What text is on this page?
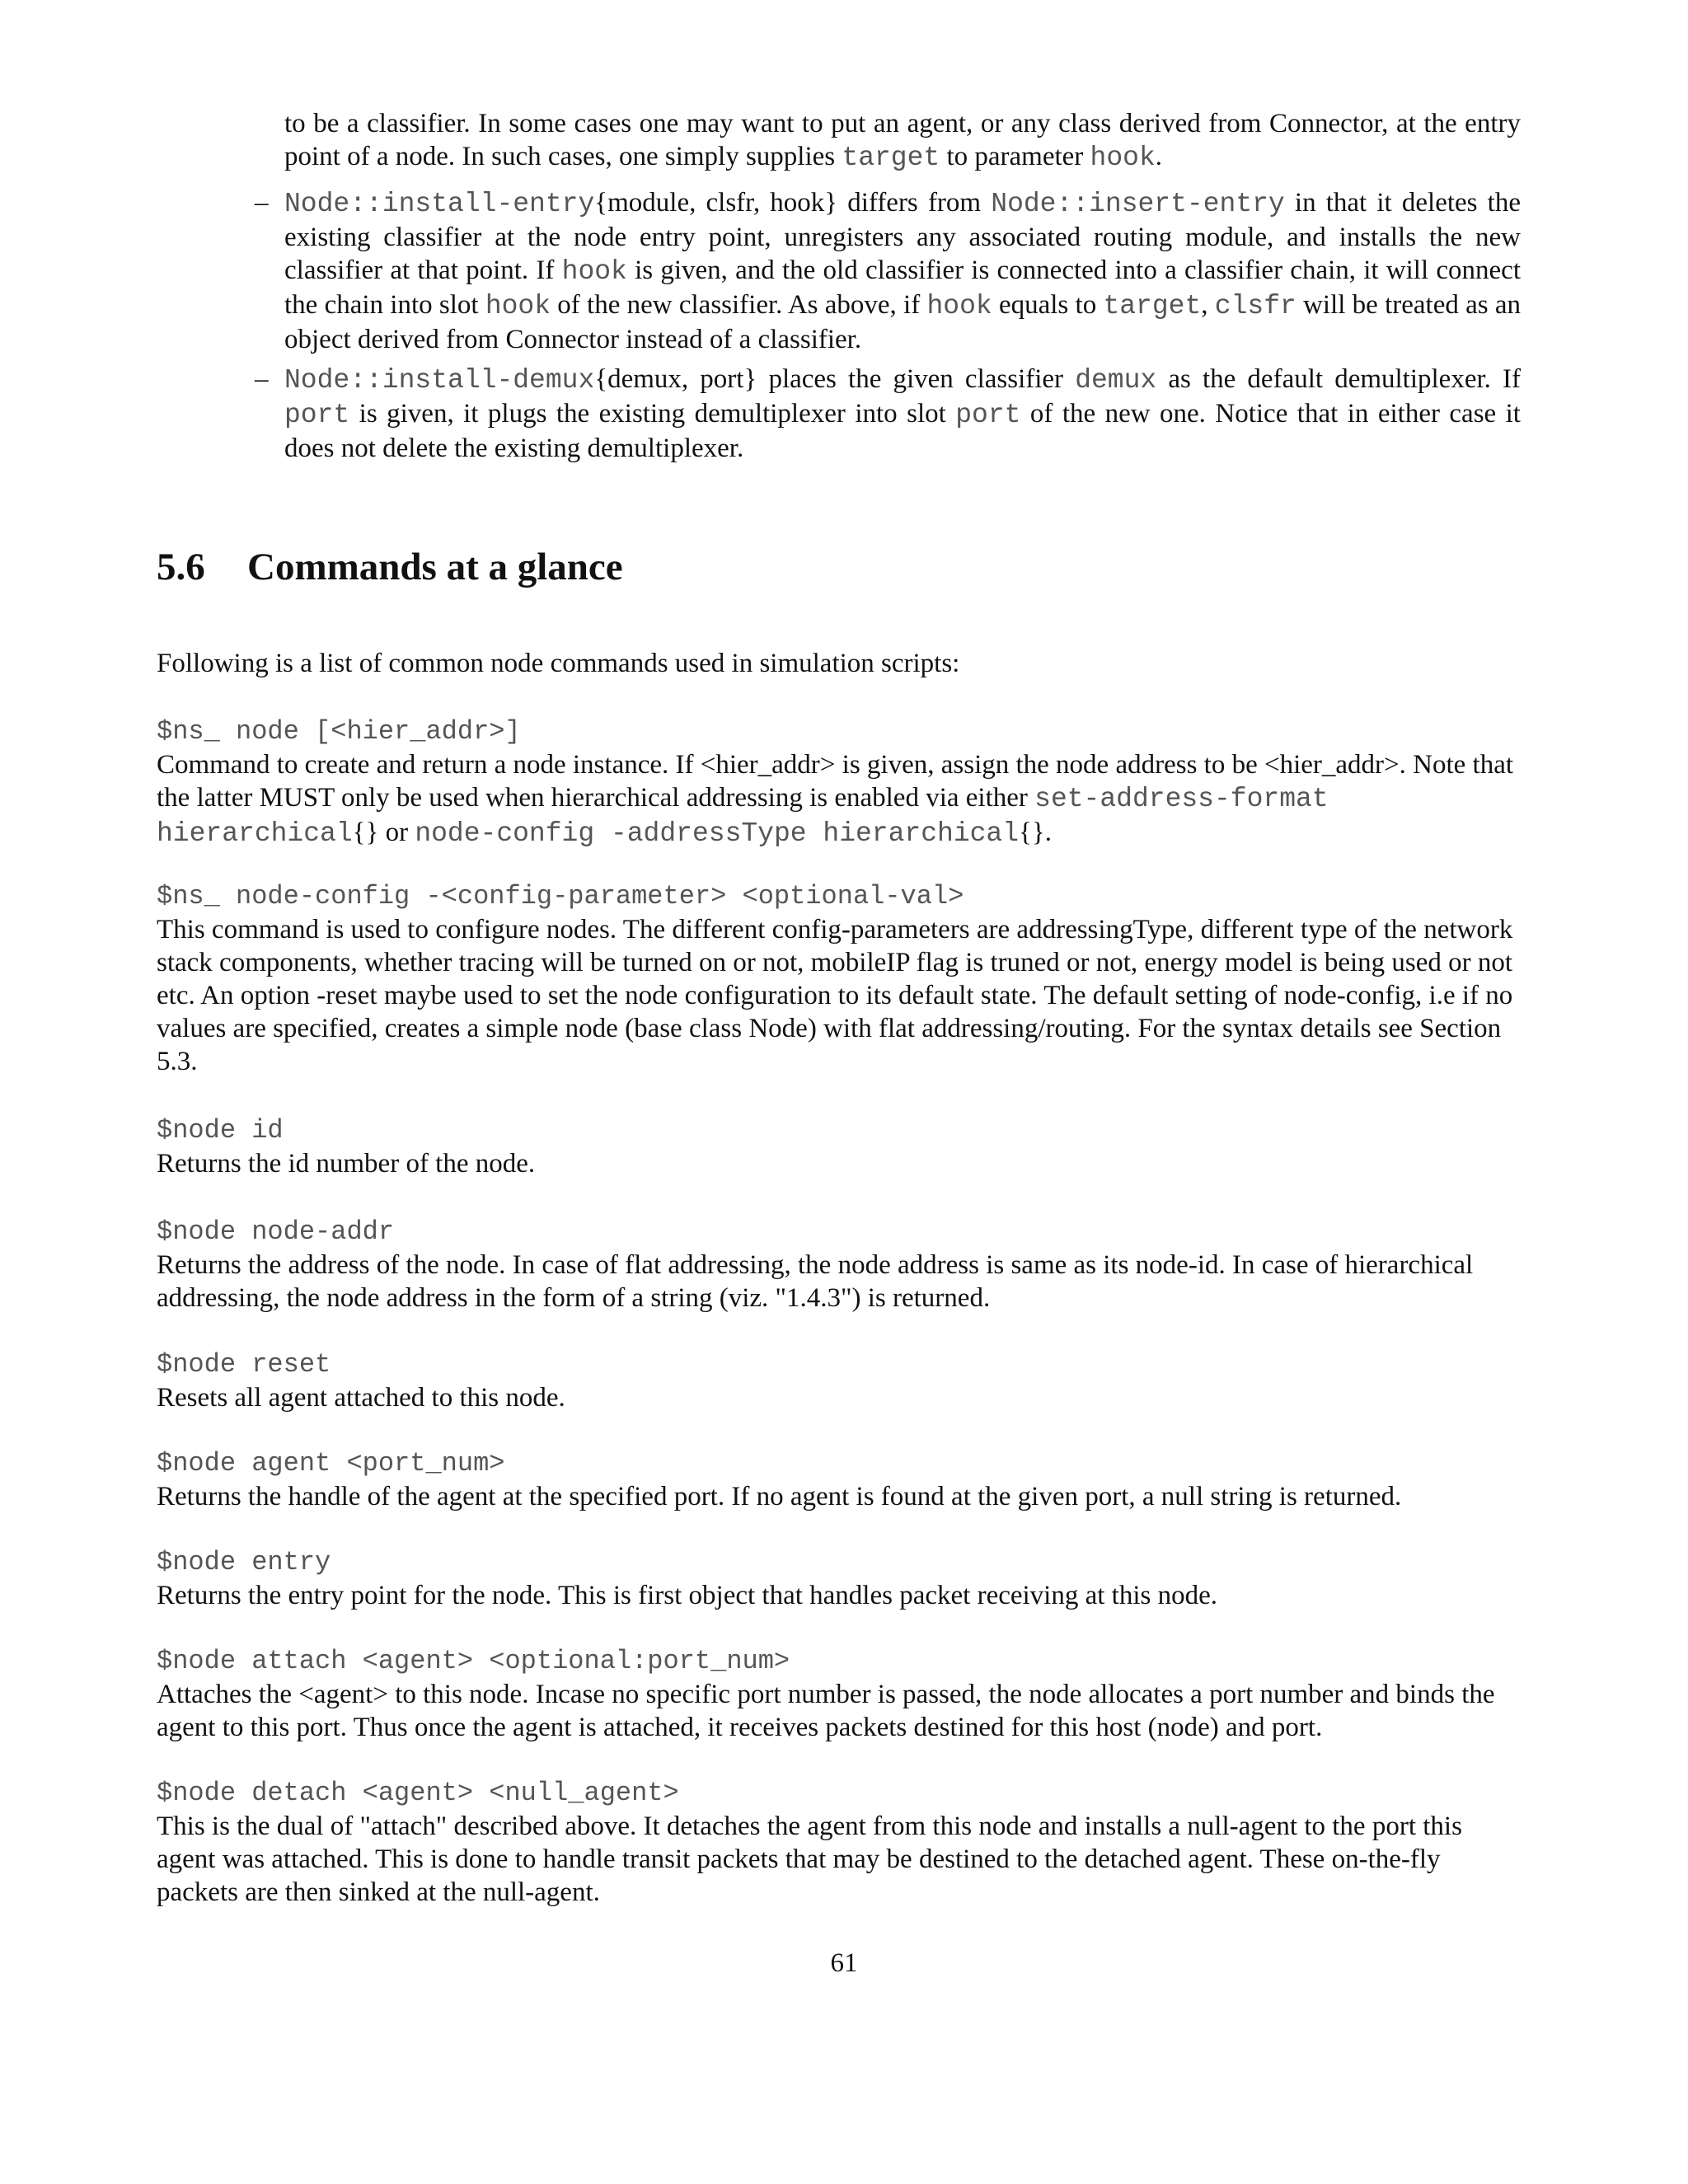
to be a classifier. In some cases one may want to put an agent, or any class derived from Connector, at the entry point of a node. In such cases, one simply supplies target to parameter hook.
– Node::install-entry{module, clsfr, hook} differs from Node::insert-entry in that it deletes the existing classifier at the node entry point, unregisters any associated routing module, and installs the new classifier at that point. If hook is given, and the old classifier is connected into a classifier chain, it will connect the chain into slot hook of the new classifier. As above, if hook equals to target, clsfr will be treated as an object derived from Connector instead of a classifier.
– Node::install-demux{demux, port} places the given classifier demux as the default demultiplexer. If port is given, it plugs the existing demultiplexer into slot port of the new one. Notice that in either case it does not delete the existing demultiplexer.
5.6 Commands at a glance
Following is a list of common node commands used in simulation scripts:
$ns_ node [<hier_addr>]
Command to create and return a node instance. If <hier_addr> is given, assign the node address to be <hier_addr>. Note that the latter MUST only be used when hierarchical addressing is enabled via either set-address-format hierarchical{} or node-config -addressType hierarchical{}.
$ns_ node-config -<config-parameter> <optional-val>
This command is used to configure nodes. The different config-parameters are addressingType, different type of the network stack components, whether tracing will be turned on or not, mobileIP flag is truned or not, energy model is being used or not etc. An option -reset maybe used to set the node configuration to its default state. The default setting of node-config, i.e if no values are specified, creates a simple node (base class Node) with flat addressing/routing. For the syntax details see Section 5.3.
$node id
Returns the id number of the node.
$node node-addr
Returns the address of the node. In case of flat addressing, the node address is same as its node-id. In case of hierarchical addressing, the node address in the form of a string (viz. "1.4.3") is returned.
$node reset
Resets all agent attached to this node.
$node agent <port_num>
Returns the handle of the agent at the specified port. If no agent is found at the given port, a null string is returned.
$node entry
Returns the entry point for the node. This is first object that handles packet receiving at this node.
$node attach <agent> <optional:port_num>
Attaches the <agent> to this node. Incase no specific port number is passed, the node allocates a port number and binds the agent to this port. Thus once the agent is attached, it receives packets destined for this host (node) and port.
$node detach <agent> <null_agent>
This is the dual of "attach" described above. It detaches the agent from this node and installs a null-agent to the port this agent was attached. This is done to handle transit packets that may be destined to the detached agent. These on-the-fly packets are then sinked at the null-agent.
61
